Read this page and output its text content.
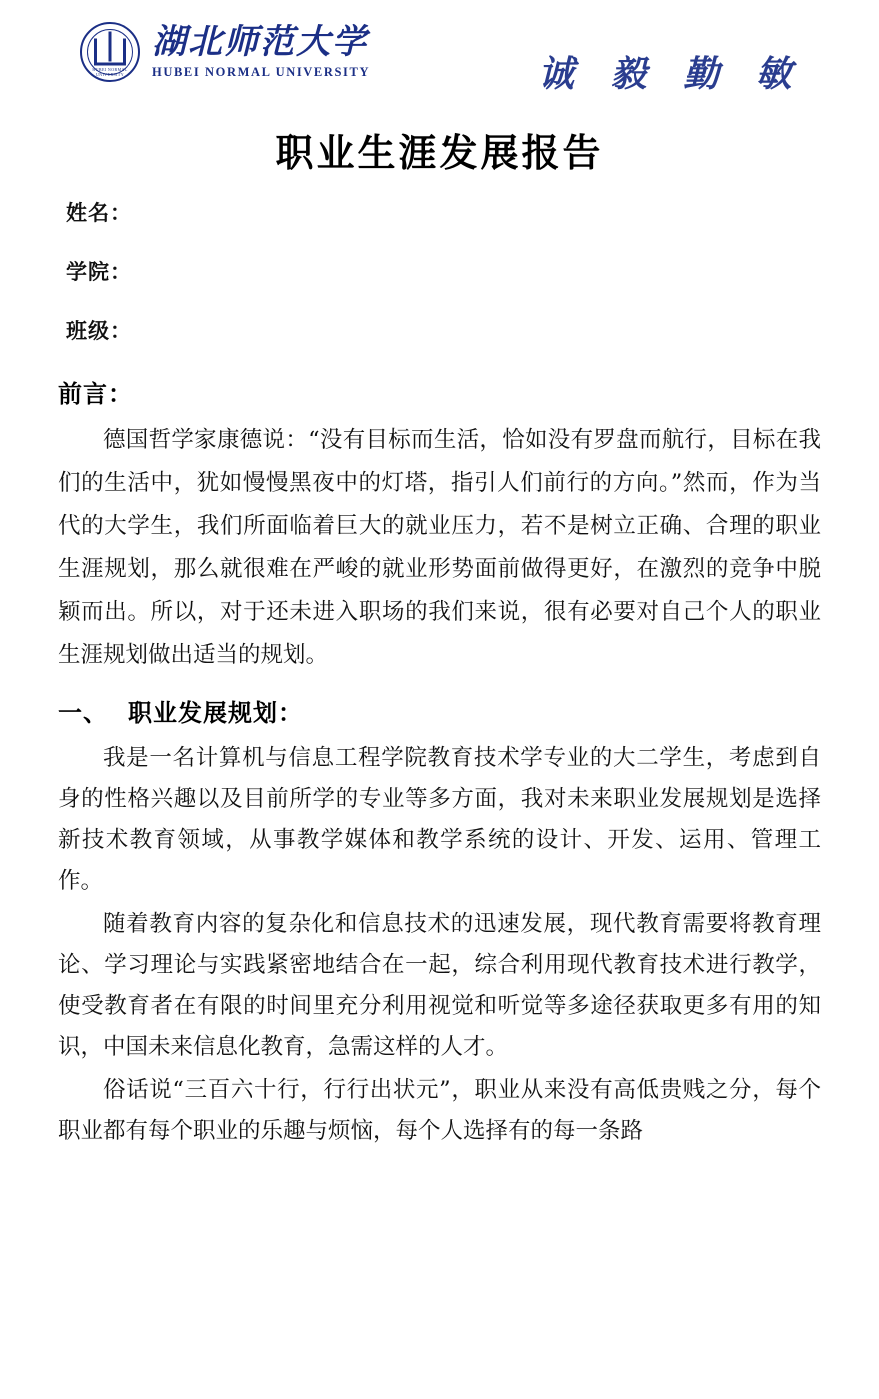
HUBEI NORMAL UNIVERSITY
湖北师范大学
HUBEI NORMAL UNIVERSITY	诚 毅 勤 敏
职业生涯发展报告
姓名：
学院：
班级：
前言：

德国哲学家康德说：“没有目标而生活，恰如没有罗盘而航行，目标在我们的生活中，犹如慢慢黑夜中的灯塔，指引人们前行的方向。”然而，作为当代的大学生，我们所面临着巨大的就业压力，若不是树立正确、合理的职业生涯规划，那么就很难在严峻的就业形势面前做得更好，在激烈的竞争中脱颖而出。所以，对于还未进入职场的我们来说，很有必要对自己个人的职业生涯规划做出适当的规划。

一、 职业发展规划：

我是一名计算机与信息工程学院教育技术学专业的大二学生，考虑到自身的性格兴趣以及目前所学的专业等多方面，我对未来职业发展规划是选择新技术教育领域，从事教学媒体和教学系统的设计、开发、运用、管理工作。

随着教育内容的复杂化和信息技术的迅速发展，现代教育需要将教育理论、学习理论与实践紧密地结合在一起，综合利用现代教育技术进行教学，使受教育者在有限的时间里充分利用视觉和听觉等多途径获取更多有用的知识，中国未来信息化教育，急需这样的人才。

俗话说“三百六十行，行行出状元”，职业从来没有高低贵贱之分，每个职业都有每个职业的乐趣与烦恼，每个人选择有的每一条路
